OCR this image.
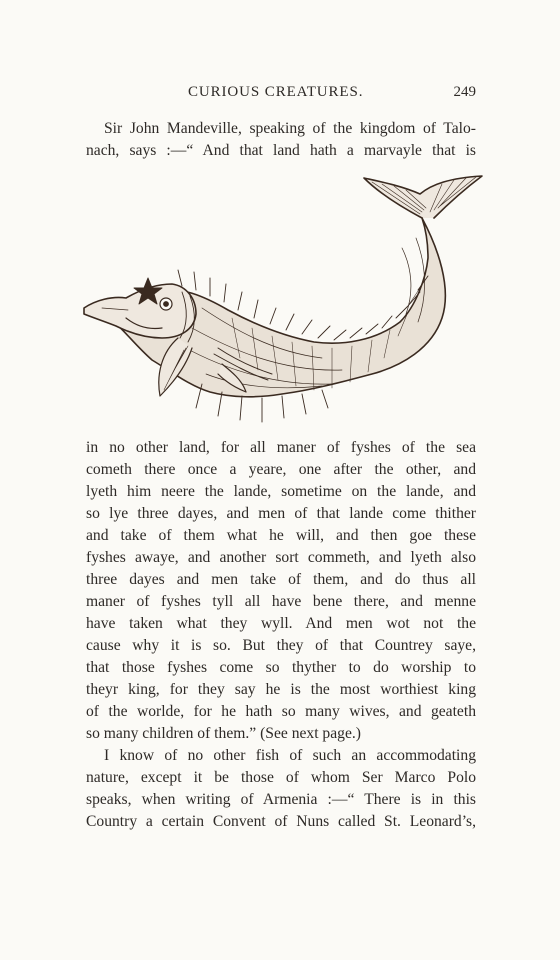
CURIOUS CREATURES.	249
Sir John Mandeville, speaking of the kingdom of Talo-
nach, says :—“ And that land hath a marvayle that is
in no other land, for all maner of fyshes of the sea
cometh there once a yeare, one after the other, and
lyeth him neere the lande, sometime on the lande, and
so lye three dayes, and men of that lande come thither
and take of them what he will, and then goe these
fyshes awaye, and another sort commeth, and lyeth also
three dayes and men take of them, and do thus all
maner of fyshes tyll all have bene there, and menne
have taken what they wyll. And men wot not the
cause why it is so. But they of that Countrey saye,
that those fyshes come so thyther to do worship to
theyr king, for they say he is the most worthiest king
of the worlde, for he hath so many wives, and geateth
so many children of them.” (See next page.)
I know of no other fish of such an accommodating
nature, except it be those of whom Ser Marco Polo
speaks, when writing of Armenia :—“ There is in this
Country a certain Convent of Nuns called St. Leonard’s,
